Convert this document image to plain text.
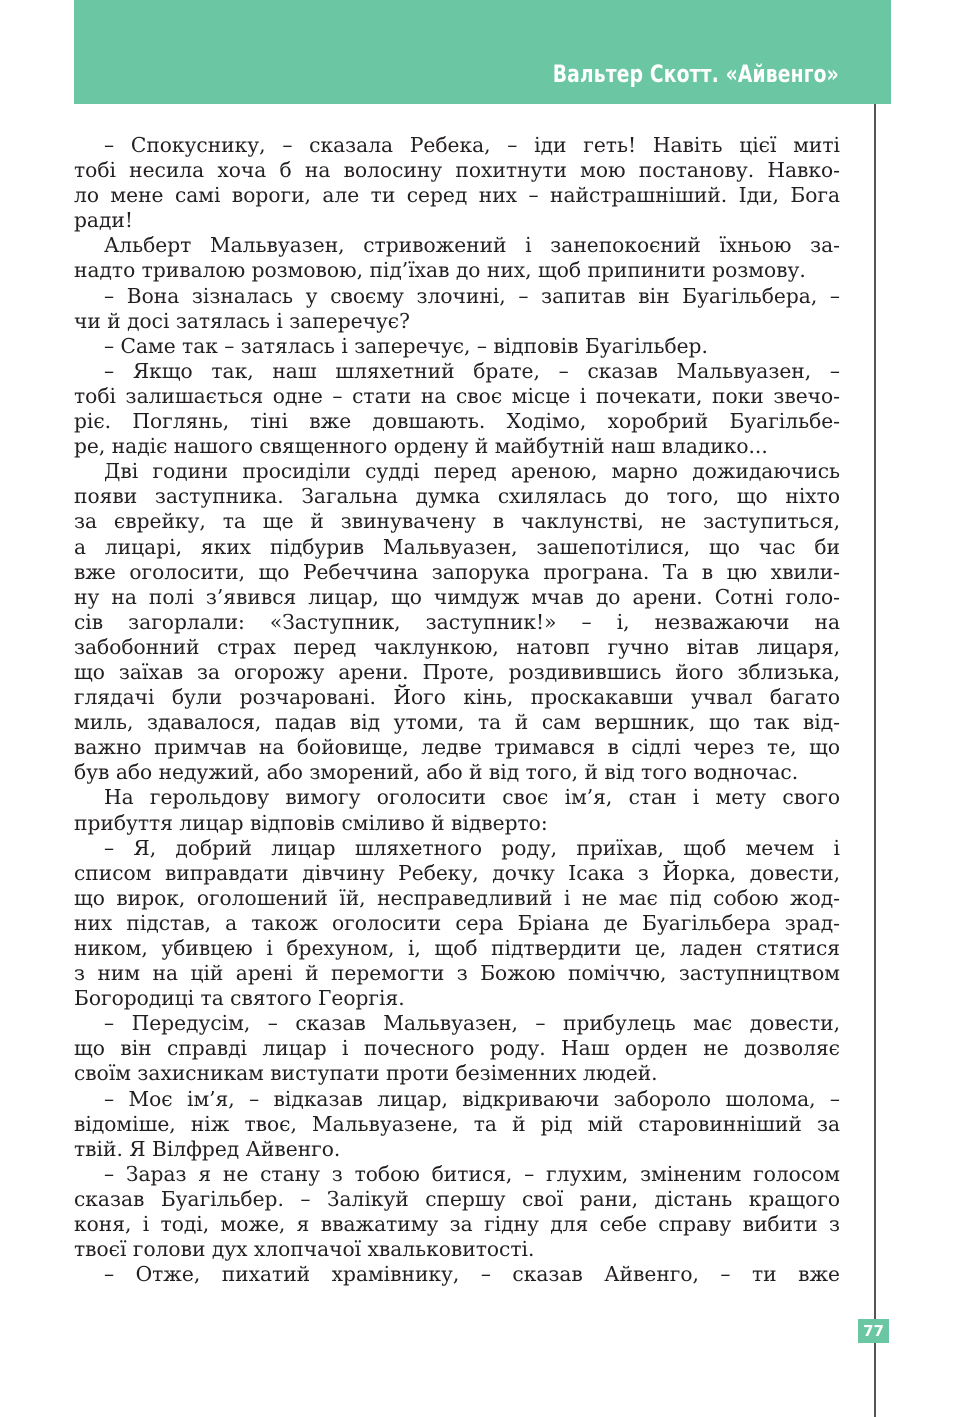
Вальтер Скотт. «Айвенго»

– Спокуснику, – сказала Ребека, – іди геть! Навіть цієї миті
тобі несила хоча б на волосину похитнути мою постанову. Навко-
ло мене самі вороги, але ти серед них – найстрашніший. Іди, Бога
ради!

Альберт Мальвуазен, стривожений і занепокоєний їхньою за-
надто тривалою розмовою, під’їхав до них, щоб припинити розмову.

– Вона зізналась у своєму злочині, – запитав він Буагільбера, –
чи й досі затялась і заперечує?

– Саме так – затялась і заперечує, – відповів Буагільбер.

– Якщо так, наш шляхетний брате, – сказав Мальвуазен, –
тобі залишається одне – стати на своє місце і почекати, поки звечо-
ріє. Поглянь, тіні вже довшають. Ходімо, хоробрий Буагільбе-
ре, надіє нашого священного ордену й майбутній наш владико...

Дві години просиділи судді перед ареною, марно дожидаючись
появи заступника. Загальна думка схилялась до того, що ніхто
за єврейку, та ще й звинувачену в чаклунстві, не заступиться,
а лицарі, яких підбурив Мальвуазен, зашепотілися, що час би
вже оголосити, що Ребеччина запорука програна. Та в цю хвили-
ну на полі з’явився лицар, що чимдуж мчав до арени. Сотні голо-
сів загорлали: «Заступник, заступник!» – і, незважаючи на
забобонний страх перед чаклункою, натовп гучно вітав лицаря,
що заїхав за огорожу арени. Проте, роздивившись його зблизька,
глядачі були розчаровані. Його кінь, проскакавши учвал багато
миль, здавалося, падав від утоми, та й сам вершник, що так від-
важно примчав на бойовище, ледве тримався в сідлі через те, що
був або недужий, або зморений, або й від того, й від того водночас.

На герольдову вимогу оголосити своє ім’я, стан і мету свого
прибуття лицар відповів сміливо й відверто:

– Я, добрий лицар шляхетного роду, приїхав, щоб мечем і
списом виправдати дівчину Ребеку, дочку Ісака з Йорка, довести,
що вирок, оголошений їй, несправедливий і не має під собою жод-
них підстав, а також оголосити сера Бріана де Буагільбера зрад-
ником, убивцею і брехуном, і, щоб підтвердити це, ладен стятися
з ним на цій арені й перемогти з Божою поміччю, заступництвом
Богородиці та святого Георгія.

– Передусім, – сказав Мальвуазен, – прибулець має довести,
що він справді лицар і почесного роду. Наш орден не дозволяє
своїм захисникам виступати проти безіменних людей.

– Моє ім’я, – відказав лицар, відкриваючи забороло шолома, –
відоміше, ніж твоє, Мальвуазене, та й рід мій старовинніший за
твій. Я Вілфред Айвенго.

– Зараз я не стану з тобою битися, – глухим, зміненим голосом
сказав Буагільбер. – Залікуй спершу свої рани, дістань кращого
коня, і тоді, може, я вважатиму за гідну для себе справу вибити з
твоєї голови дух хлопчачої хвальковитості.

– Отже, пихатий храмівнику, – сказав Айвенго, – ти вже

77
